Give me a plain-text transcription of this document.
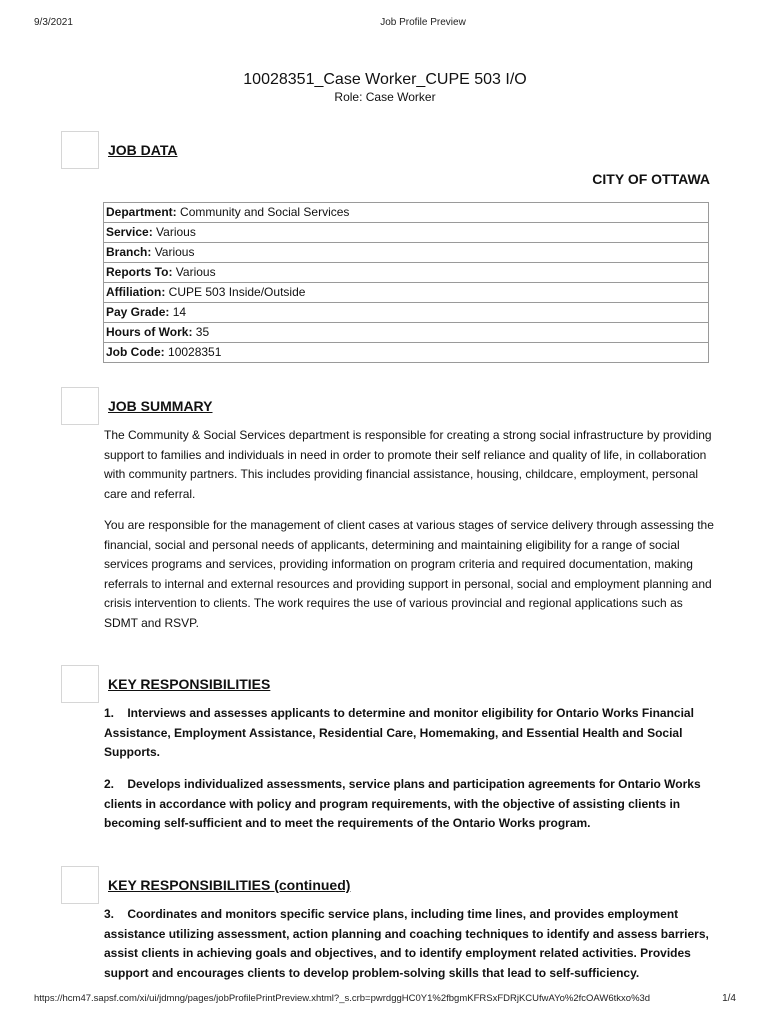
9/3/2021	Job Profile Preview
10028351_Case Worker_CUPE 503 I/O
Role: Case Worker
JOB DATA
CITY OF OTTAWA
Department: Community and Social Services
Service: Various
Branch: Various
Reports To: Various
Affiliation: CUPE 503 Inside/Outside
Pay Grade: 14
Hours of Work: 35
Job Code: 10028351
JOB SUMMARY
The Community & Social Services department is responsible for creating a strong social infrastructure by providing support to families and individuals in need in order to promote their self reliance and quality of life, in collaboration with community partners. This includes providing financial assistance, housing, childcare, employment, personal care and referral.
You are responsible for the management of client cases at various stages of service delivery through assessing the financial, social and personal needs of applicants, determining and maintaining eligibility for a range of social services programs and services, providing information on program criteria and required documentation, making referrals to internal and external resources and providing support in personal, social and employment planning and crisis intervention to clients. The work requires the use of various provincial and regional applications such as SDMT and RSVP.
KEY RESPONSIBILITIES
1.    Interviews and assesses applicants to determine and monitor eligibility for Ontario Works Financial Assistance, Employment Assistance, Residential Care, Homemaking, and Essential Health and Social Supports.
2.    Develops individualized assessments, service plans and participation agreements for Ontario Works clients in accordance with policy and program requirements, with the objective of assisting clients in becoming self-sufficient and to meet the requirements of the Ontario Works program.
KEY RESPONSIBILITIES (continued)
3.    Coordinates and monitors specific service plans, including time lines, and provides employment assistance utilizing assessment, action planning and coaching techniques to identify and assess barriers, assist clients in achieving goals and objectives, and to identify employment related activities. Provides support and encourages clients to develop problem-solving skills that lead to self-sufficiency.
https://hcm47.sapsf.com/xi/ui/jdmng/pages/jobProfilePrintPreview.xhtml?_s.crb=pwrdggHC0Y1%2fbgmKFRSxFDRjKCUfwAYo%2fcOAW6tkxo%3d	1/4
